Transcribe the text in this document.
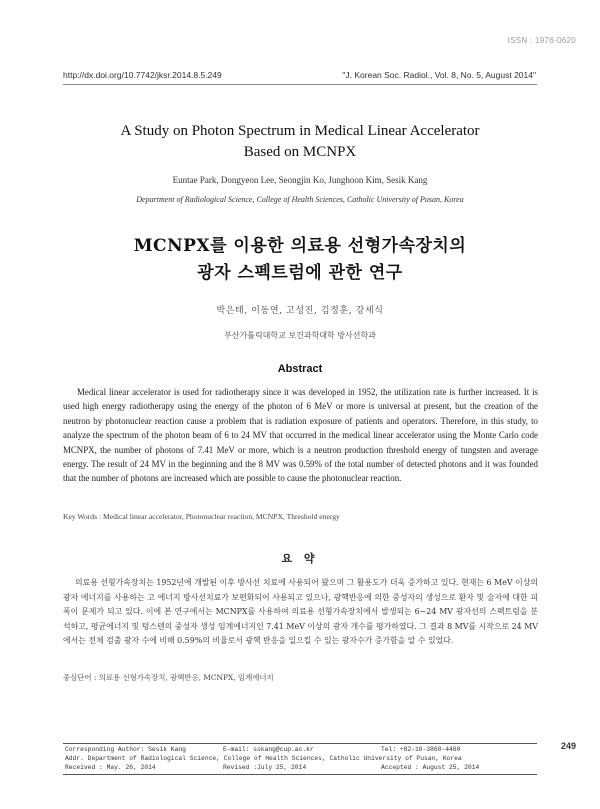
ISSN : 1976-0620
http://dx.doi.org/10.7742/jksr.2014.8.5.249	"J. Korean Soc. Radiol., Vol. 8, No. 5, August 2014"
A Study on Photon Spectrum in Medical Linear Accelerator
Based on MCNPX
Euntae Park, Dongyeon Lee, Seongjin Ko, Junghoon Kim, Sesik Kang
Department of Radiological Science, College of Health Sciences, Catholic University of Pusan, Korea
MCNPX를 이용한 의료용 선형가속장치의
광자 스펙트럼에 관한 연구
박은태, 이동연, 고성진, 김정훈, 강세식
부산가톨릭대학교 보건과학대학 방사선학과
Abstract
Medical linear accelerator is used for radiotherapy since it was developed in 1952, the utilization rate is further increased. It is used high energy radiotherapy using the energy of the photon of 6 MeV or more is universal at present, but the creation of the neutron by photonuclear reaction cause a problem that is radiation exposure of patients and operators. Therefore, in this study, to analyze the spectrum of the photon beam of 6 to 24 MV that occurred in the medical linear accelerator using the Monte Carlo code MCNPX, the number of photons of 7.41 MeV or more, which is a neutron production threshold energy of tungsten and average energy. The result of 24 MV in the beginning and the 8 MV was 0.59% of the total number of detected photons and it was founded that the number of photons are increased which are possible to cause the photonuclear reaction.
Key Words : Medical linear accelerator, Photonuclear reaction, MCNPX, Threshold energy
요 약
의료용 선형가속장치는 1952년에 개발된 이후 방사선 치료에 사용되어 왔으며 그 활용도가 더욱 증가하고 있다. 현재는 6 MeV 이상의 광자 에너지를 사용하는 고 에너지 방사선치료가 보편화되어 사용되고 있으나, 광핵반응에 의한 중성자의 생성으로 환자 및 술자에 대한 피폭이 문제가 되고 있다. 이에 본 연구에서는 MCNPX를 사용하여 의료용 선형가속장치에서 발생되는 6~24 MV 광자선의 스펙트럼을 분석하고, 평균에너지 및 텅스텐의 중성자 생성 임계에너지인 7.41 MeV 이상의 광자 개수를 평가하였다. 그 결과 8 MV를 시작으로 24 MV에서는 전체 검출 광자 수에 비해 0.59%의 비율로서 광핵 반응을 일으킬 수 있는 광자수가 증가함을 알 수 있었다.
중심단어 : 의료용 선형가속장치, 광핵반응, MCNPX, 임계에너지
249
Corresponding Author: Sesik Kang	E-mail: sskang@cup.ac.kr	Tel: +82-10-3860-4460
Addr. Department of Radiological Science, College of Health Sciences, Catholic University of Pusan, Korea
Received : May. 26, 2014	Revised :July 25, 2014	Accepted : August 25, 2014
